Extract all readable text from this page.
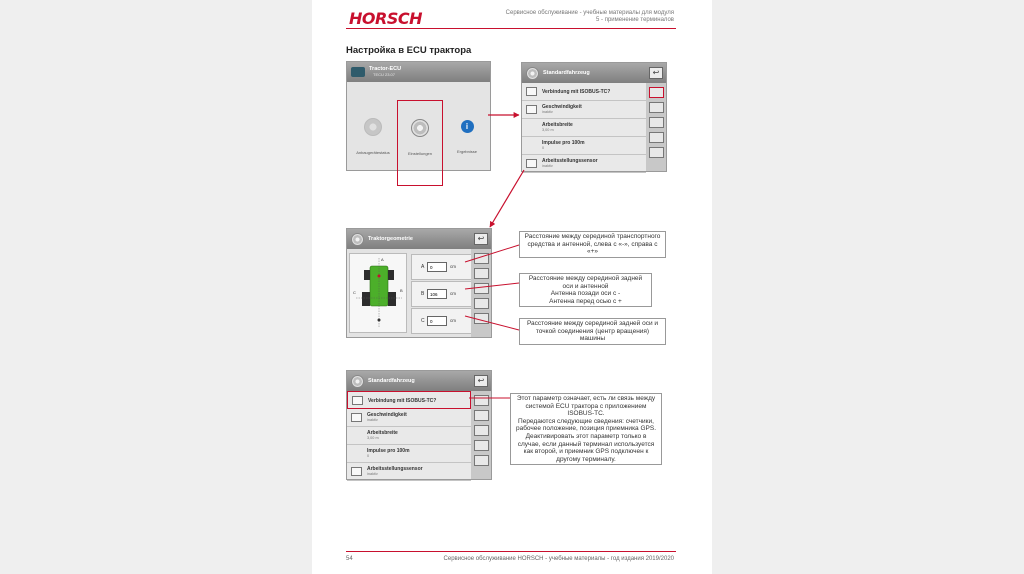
HORSCH	Сервисное обслуживание - учебные материалы для модуля 5 - применение терминалов
Настройка в ECU трактора
Tractor-ECU
TECU 23.07
Anbaugerätestatus	Einstellungen
i
Ergebnisse
Standardfahrzeug	↩
Verbindung mit ISOBUS-TC?
Geschwindigkeit
inaktiv
Arbeitsbreite
3,00 m
Impulse pro 100m
0
Arbeitsstellungssensor
inaktiv
Traktorgeometrie	↩
A
B
C
A	0	cm
B	106	cm
C	0	cm
Standardfahrzeug	↩
Verbindung mit ISOBUS-TC?
Geschwindigkeit
inaktiv
Arbeitsbreite
3,00 m
Impulse pro 100m
0
Arbeitsstellungssensor
inaktiv
Расстояние между серединой транспортного средства и антенной, слева с «-», справа с «+»
Расстояние между серединой задней оси и антенной
Антенна позади оси с -
Антенна перед осью с +
Расстояние между серединой задней оси и точкой соединения (центр вращения) машины
Этот параметр означает, есть ли связь между системой ECU трактора с приложением ISOBUS-TC.
Передаются следующие сведения: счетчики, рабочее положение, позиция приемника GPS.
Деактивировать этот параметр только в случае, если данный терминал используется как второй, и приемник GPS подключен к другому терминалу.
54	Сервисное обслуживание HORSCH - учебные материалы - год издания 2019/2020
